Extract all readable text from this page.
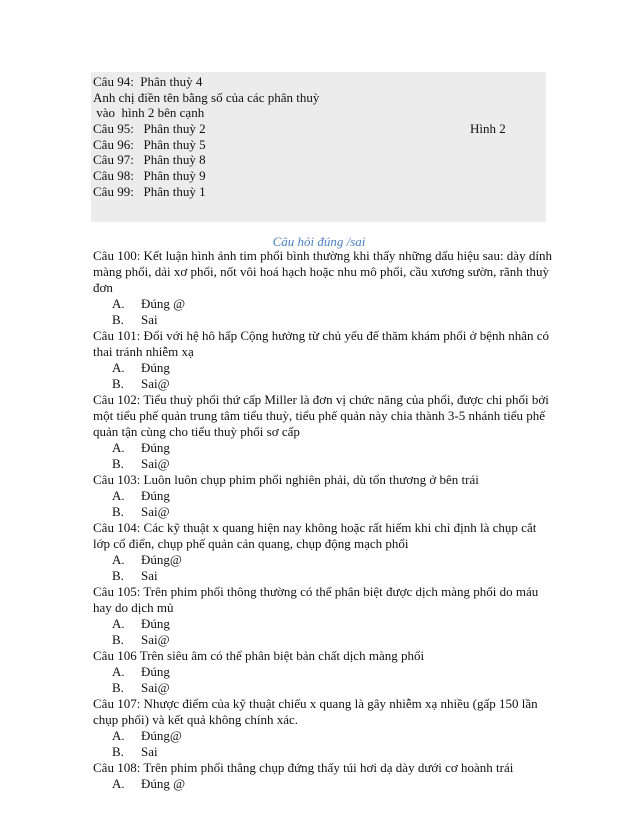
Câu 94:  Phân thuỳ 4
Anh chị điền tên bằng số của các phân thuỳ
vào  hình 2 bên cạnh
Câu 95:   Phân thuỳ 2
Câu 96:   Phân thuỳ 5
Câu 97:   Phân thuỳ 8
Câu 98:   Phân thuỳ 9
Câu 99:   Phân thuỳ 1
Hình 2
Câu hỏi đúng /sai

Câu 100: Kết luận hình ảnh tim phổi bình thường khi thấy những dấu hiệu sau: dày dính màng phổi, dải xơ phổi, nốt vôi hoá hạch hoặc nhu mô phổi, cầu xương sườn, rãnh thuỳ đơn

A.	Đúng @
B.	Sai

Câu 101: Đối với hệ hô hấp Cộng hưởng từ chủ yếu để thăm khám phổi ở bệnh nhân có thai tránh nhiễm xạ

A.	Đúng
B.	Sai@

Câu 102: Tiểu thuỳ phổi thứ cấp Miller là đơn vị chức năng của phổi, được chi phối bởi một tiểu phế quản trung tâm tiểu thuỳ, tiểu phế quản này chia thành 3-5 nhánh tiểu phế quản tận cùng cho tiểu thuỳ phổi sơ cấp

A.	Đúng
B.	Sai@

Câu 103: Luôn luôn chụp phim phổi nghiên phải, dù tổn thương ở bên trái

A.	Đúng
B.	Sai@

Câu 104: Các kỹ thuật x quang hiện nay không hoặc rất hiếm khi chỉ định là chụp cắt lớp cổ điển, chụp phế quản cản quang, chụp động mạch phổi

A.	Đúng@
B.	Sai

Câu 105: Trên phim phổi thông thường có thể phân biệt được dịch màng phổi do máu hay do dịch mủ

A.	Đúng
B.	Sai@

Câu 106 Trên siêu âm có thể phân biệt bản chất dịch màng phổi

A.	Đúng
B.	Sai@

Câu 107: Nhược điểm của kỹ thuật chiếu x quang là gây nhiễm xạ nhiều (gấp 150 lần chụp phổi) và kết quả không chính xác.

A.	Đúng@
B.	Sai

Câu 108: Trên phim phổi thẳng chụp đứng thấy túi hơi dạ dày dưới cơ hoành trái

A.	Đúng @
